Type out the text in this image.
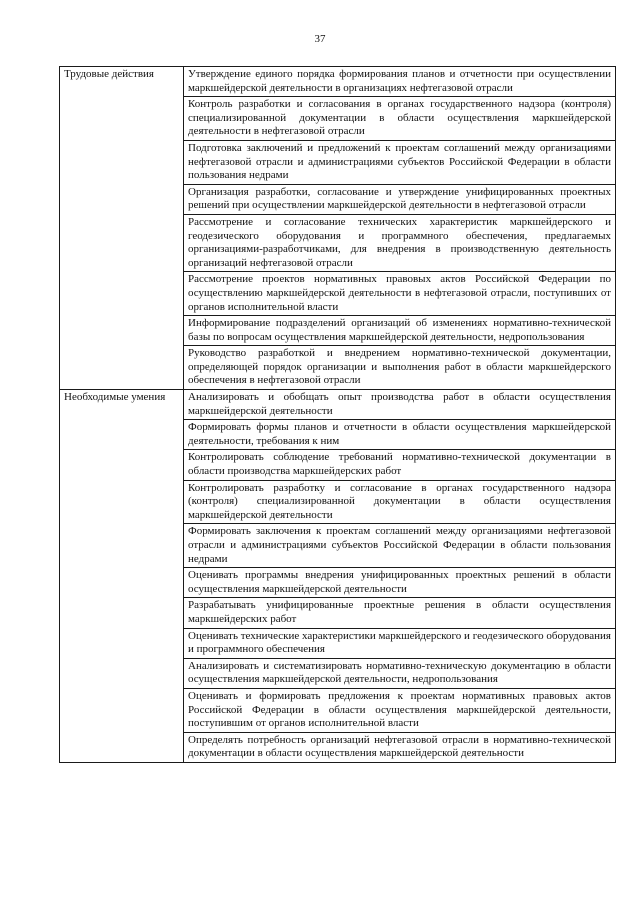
37
Трудовые действия	Утверждение единого порядка формирования планов и отчетности при осуществлении маркшейдерской деятельности в организациях нефтегазовой отрасли
	Контроль разработки и согласования в органах государственного надзора (контроля) специализированной документации в области осуществления маркшейдерской деятельности в нефтегазовой отрасли
	Подготовка заключений и предложений к проектам соглашений между организациями нефтегазовой отрасли и администрациями субъектов Российской Федерации в области пользования недрами
	Организация разработки, согласование и утверждение унифицированных проектных решений при осуществлении маркшейдерской деятельности в нефтегазовой отрасли
	Рассмотрение и согласование технических характеристик маркшейдерского и геодезического оборудования и программного обеспечения, предлагаемых организациями-разработчиками, для внедрения в производственную деятельность организаций нефтегазовой отрасли
	Рассмотрение проектов нормативных правовых актов Российской Федерации по осуществлению маркшейдерской деятельности в нефтегазовой отрасли, поступивших от органов исполнительной власти
	Информирование подразделений организаций об изменениях нормативно-технической базы по вопросам осуществления маркшейдерской деятельности, недропользования
	Руководство разработкой и внедрением нормативно-технической документации, определяющей порядок организации и выполнения работ в области маркшейдерского обеспечения в нефтегазовой отрасли
Необходимые умения	Анализировать и обобщать опыт производства работ в области осуществления маркшейдерской деятельности
	Формировать формы планов и отчетности в области осуществления маркшейдерской деятельности, требования к ним
	Контролировать соблюдение требований нормативно-технической документации в области производства маркшейдерских работ
	Контролировать разработку и согласование в органах государственного надзора (контроля) специализированной документации в области осуществления маркшейдерской деятельности
	Формировать заключения к проектам соглашений между организациями нефтегазовой отрасли и администрациями субъектов Российской Федерации в области пользования недрами
	Оценивать программы внедрения унифицированных проектных решений в области осуществления маркшейдерской деятельности
	Разрабатывать унифицированные проектные решения в области осуществления маркшейдерских работ
	Оценивать технические характеристики маркшейдерского и геодезического оборудования и программного обеспечения
	Анализировать и систематизировать нормативно-техническую документацию в области осуществления маркшейдерской деятельности, недропользования
	Оценивать и формировать предложения к проектам нормативных правовых актов Российской Федерации в области осуществления маркшейдерской деятельности, поступившим от органов исполнительной власти
	Определять потребность организаций нефтегазовой отрасли в нормативно-технической документации в области осуществления маркшейдерской деятельности
